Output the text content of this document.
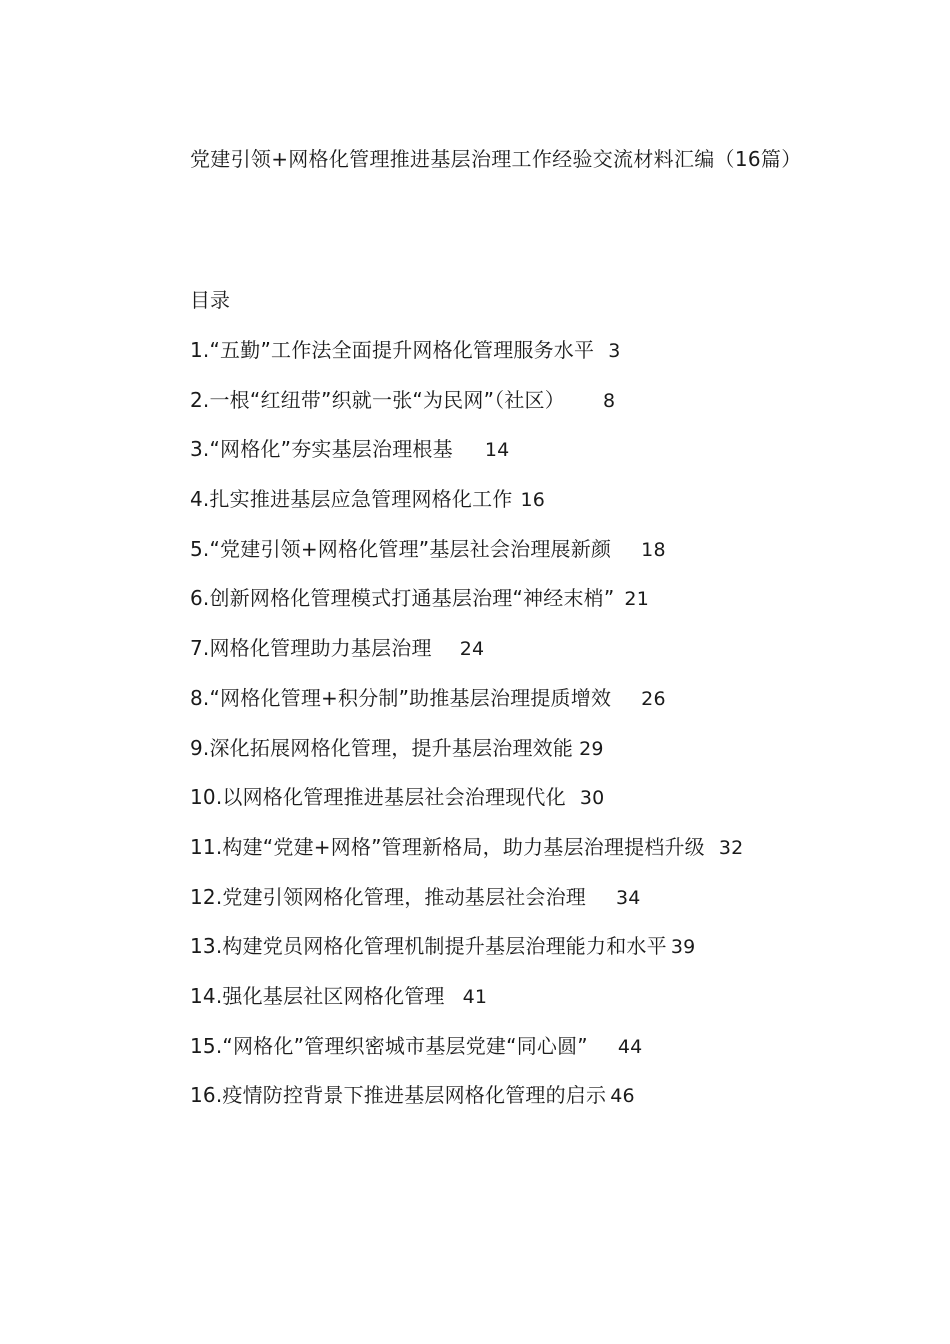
党建引领+网格化管理推进基层治理工作经验交流材料汇编（16篇）
目录
1.“五勤”工作法全面提升网格化管理服务水平 3
2.一根“红纽带”织就一张“为民网”（社区） 8
3.“网格化”夯实基层治理根基 14
4.扎实推进基层应急管理网格化工作 16
5.“党建引领+网格化管理”基层社会治理展新颜 18
6.创新网格化管理模式打通基层治理“神经末梢” 21
7.网格化管理助力基层治理 24
8.“网格化管理+积分制”助推基层治理提质增效 26
9.深化拓展网格化管理，提升基层治理效能 29
10.以网格化管理推进基层社会治理现代化 30
11.构建“党建+网格”管理新格局，助力基层治理提档升级 32
12.党建引领网格化管理，推动基层社会治理 34
13.构建党员网格化管理机制提升基层治理能力和水平 39
14.强化基层社区网格化管理 41
15.“网格化”管理织密城市基层党建“同心圆” 44
16.疫情防控背景下推进基层网格化管理的启示 46
